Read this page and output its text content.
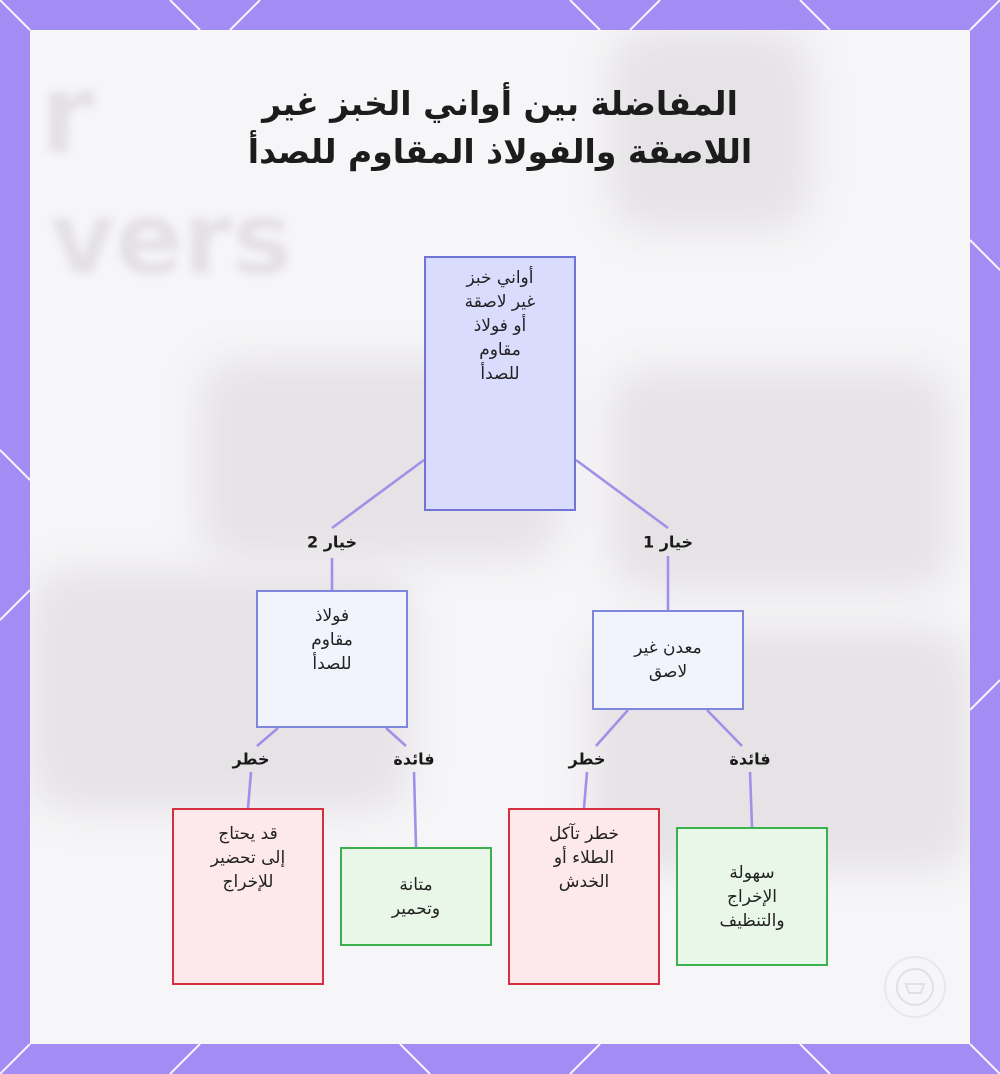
r
vers
المفاضلة بين أواني الخبز غير
اللاصقة والفولاذ المقاوم للصدأ
خيار 2	خيار 1
خطر	فائدة	خطر	فائدة
أواني خبز
غير لاصقة
أو فولاذ
مقاوم
للصدأ
فولاذ
مقاوم
للصدأ
معدن غير
لاصق
قد يحتاج
إلى تحضير
للإخراج	متانة
وتحمير
خطر تآكل
الطلاء أو
الخدش	سهولة
الإخراج
والتنظيف
